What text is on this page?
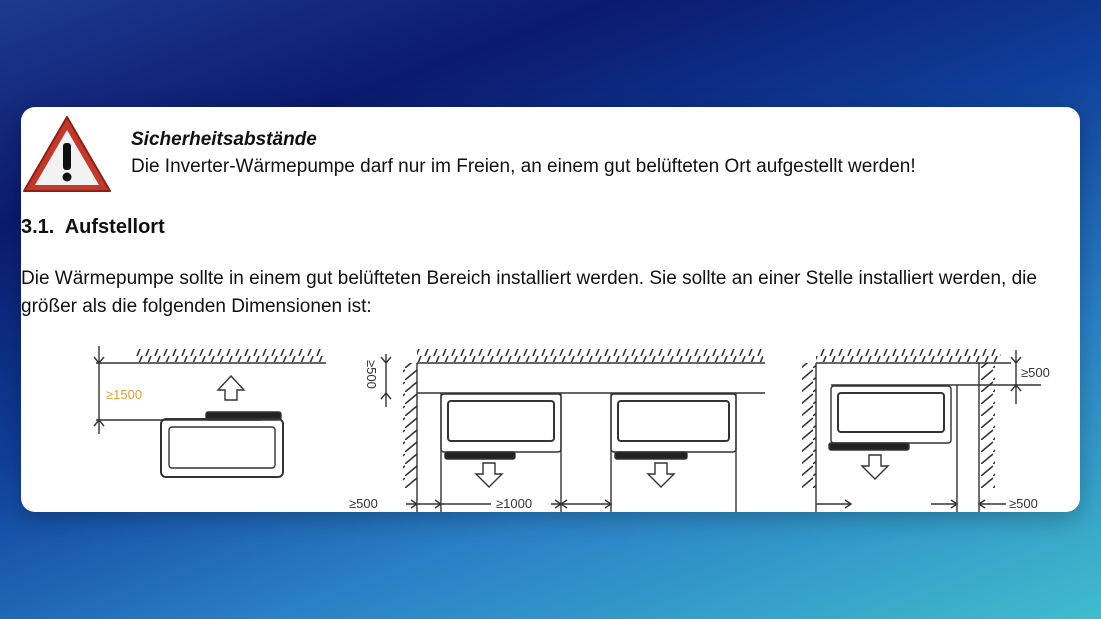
Sicherheitsabstände
Die Inverter-Wärmepumpe darf nur im Freien, an einem gut belüfteten Ort aufgestellt werden!
3.1. Aufstellort
Die Wärmepumpe sollte in einem gut belüfteten Bereich installiert werden. Sie sollte an einer Stelle installiert werden, die
größer als die folgenden Dimensionen ist:
≥1500
≥500
≥500	≥1000
≥500
≥500
